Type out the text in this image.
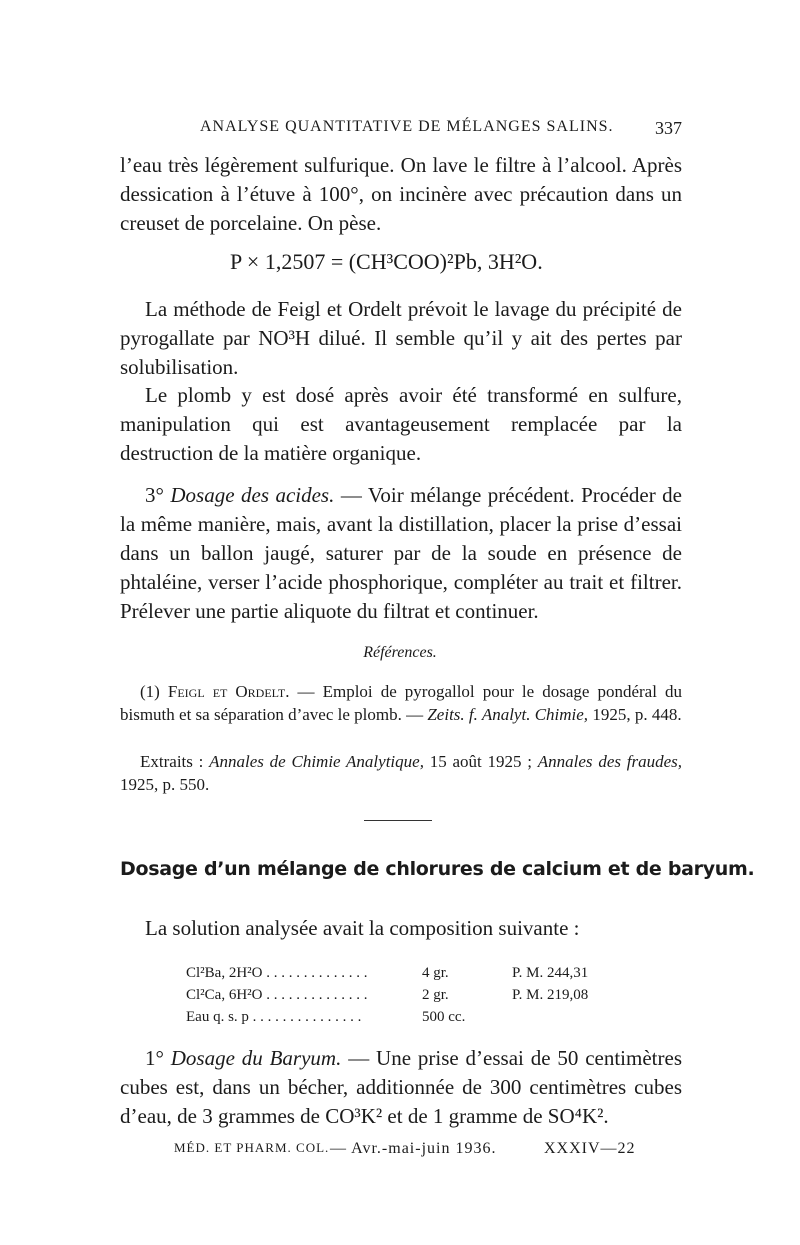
ANALYSE QUANTITATIVE DE MÉLANGES SALINS. 337

l’eau très légèrement sulfurique. On lave le filtre à l’alcool. Après dessication à l’étuve à 100°, on incinère avec précaution dans un creuset de porcelaine. On pèse.

P × 1,2507 = (CH³COO)²Pb, 3H²O.

La méthode de Feigl et Ordelt prévoit le lavage du précipité de pyrogallate par NO³H dilué. Il semble qu’il y ait des pertes par solubilisation.

Le plomb y est dosé après avoir été transformé en sulfure, manipulation qui est avantageusement remplacée par la destruction de la matière organique.

3° Dosage des acides. — Voir mélange précédent. Procéder de la même manière, mais, avant la distillation, placer la prise d’essai dans un ballon jaugé, saturer par de la soude en présence de phtaléine, verser l’acide phosphorique, compléter au trait et filtrer. Prélever une partie aliquote du filtrat et continuer.

Références.

(1) Feigl et Ordelt. — Emploi de pyrogallol pour le dosage pondéral du bismuth et sa séparation d’avec le plomb. — Zeits. f. Analyt. Chimie, 1925, p. 448.

Extraits : Annales de Chimie Analytique, 15 août 1925 ; Annales des fraudes, 1925, p. 550.

Dosage d’un mélange de chlorures de calcium et de baryum.

La solution analysée avait la composition suivante :

Cl²Ba, 2H²O . . . . . . . . . . . . . .	4 gr.	P. M. 244,31
Cl²Ca, 6H²O . . . . . . . . . . . . . .	2 gr.	P. M. 219,08
Eau q. s. p . . . . . . . . . . . . . . .	500 cc.

1° Dosage du Baryum. — Une prise d’essai de 50 centimètres cubes est, dans un bécher, additionnée de 300 centimètres cubes d’eau, de 3 grammes de CO³K² et de 1 gramme de SO⁴K².

MÉD. ET PHARM. COL. — Avr.-mai-juin 1936.	XXXIV—22
